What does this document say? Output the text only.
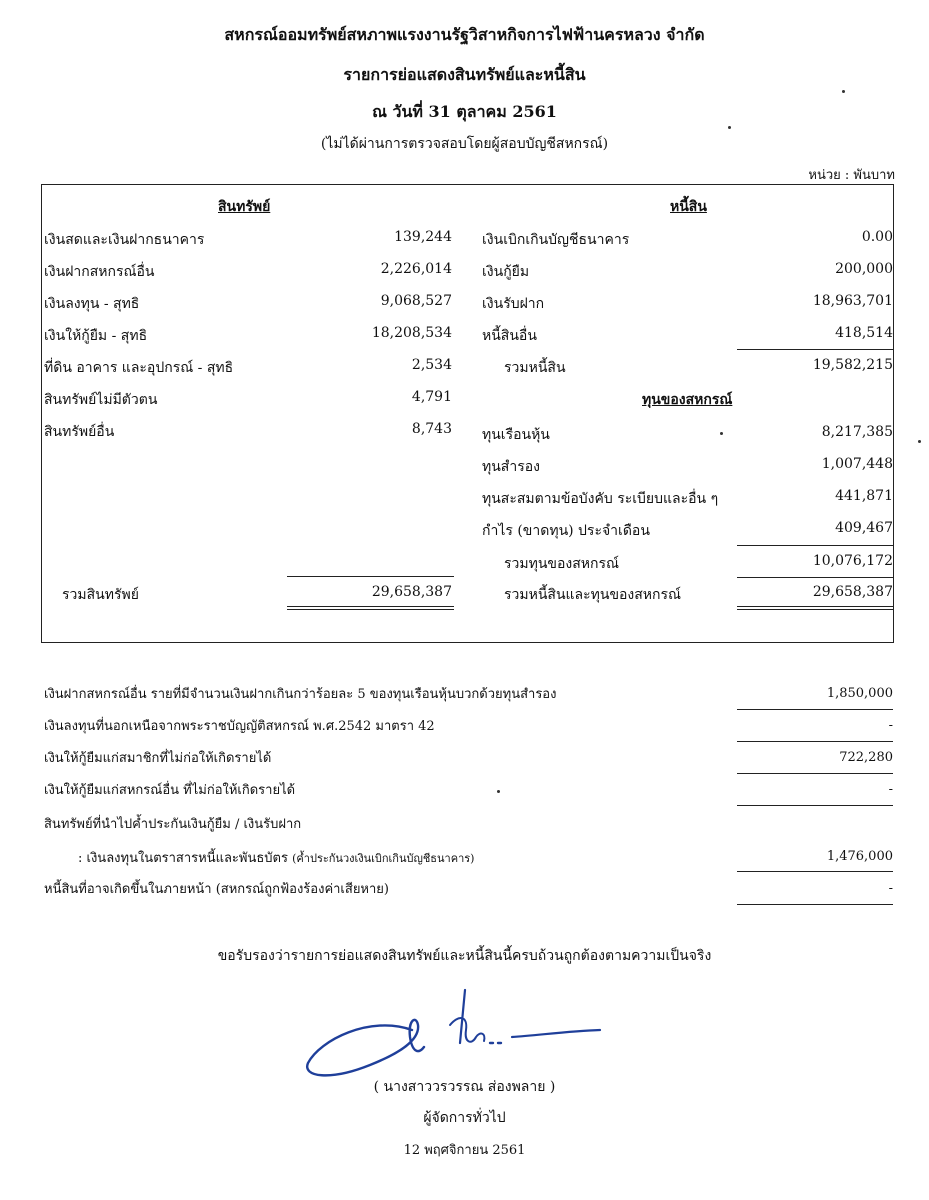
สหกรณ์ออมทรัพย์สหภาพแรงงานรัฐวิสาหกิจการไฟฟ้านครหลวง จำกัด
รายการย่อแสดงสินทรัพย์และหนี้สิน
ณ วันที่ 31 ตุลาคม 2561
(ไม่ได้ผ่านการตรวจสอบโดยผู้สอบบัญชีสหกรณ์)
หน่วย : พันบาท
สินทรัพย์	หนี้สิน
เงินสดและเงินฝากธนาคาร	139,244
เงินฝากสหกรณ์อื่น	2,226,014
เงินลงทุน - สุทธิ	9,068,527
เงินให้กู้ยืม - สุทธิ	18,208,534
ที่ดิน อาคาร และอุปกรณ์ - สุทธิ	2,534
สินทรัพย์ไม่มีตัวตน	4,791
สินทรัพย์อื่น	8,743
รวมสินทรัพย์	29,658,387
เงินเบิกเกินบัญชีธนาคาร	0.00
เงินกู้ยืม	200,000
เงินรับฝาก	18,963,701
หนี้สินอื่น	418,514
รวมหนี้สิน	19,582,215
ทุนของสหกรณ์
ทุนเรือนหุ้น	8,217,385
ทุนสำรอง	1,007,448
ทุนสะสมตามข้อบังคับ ระเบียบและอื่น ๆ	441,871
กำไร (ขาดทุน) ประจำเดือน	409,467
รวมทุนของสหกรณ์	10,076,172
รวมหนี้สินและทุนของสหกรณ์	29,658,387
เงินฝากสหกรณ์อื่น รายที่มีจำนวนเงินฝากเกินกว่าร้อยละ 5 ของทุนเรือนหุ้นบวกด้วยทุนสำรอง	1,850,000
เงินลงทุนที่นอกเหนือจากพระราชบัญญัติสหกรณ์ พ.ศ.2542 มาตรา 42	-
เงินให้กู้ยืมแก่สมาชิกที่ไม่ก่อให้เกิดรายได้	722,280
เงินให้กู้ยืมแก่สหกรณ์อื่น ที่ไม่ก่อให้เกิดรายได้	-
สินทรัพย์ที่นำไปค้ำประกันเงินกู้ยืม / เงินรับฝาก
: เงินลงทุนในตราสารหนี้และพันธบัตร (ค้ำประกันวงเงินเบิกเกินบัญชีธนาคาร)	1,476,000
หนี้สินที่อาจเกิดขึ้นในภายหน้า (สหกรณ์ถูกฟ้องร้องค่าเสียหาย)	-
ขอรับรองว่ารายการย่อแสดงสินทรัพย์และหนี้สินนี้ครบถ้วนถูกต้องตามความเป็นจริง
( นางสาววรวรรณ ส่องพลาย )
ผู้จัดการทั่วไป
12 พฤศจิกายน 2561
